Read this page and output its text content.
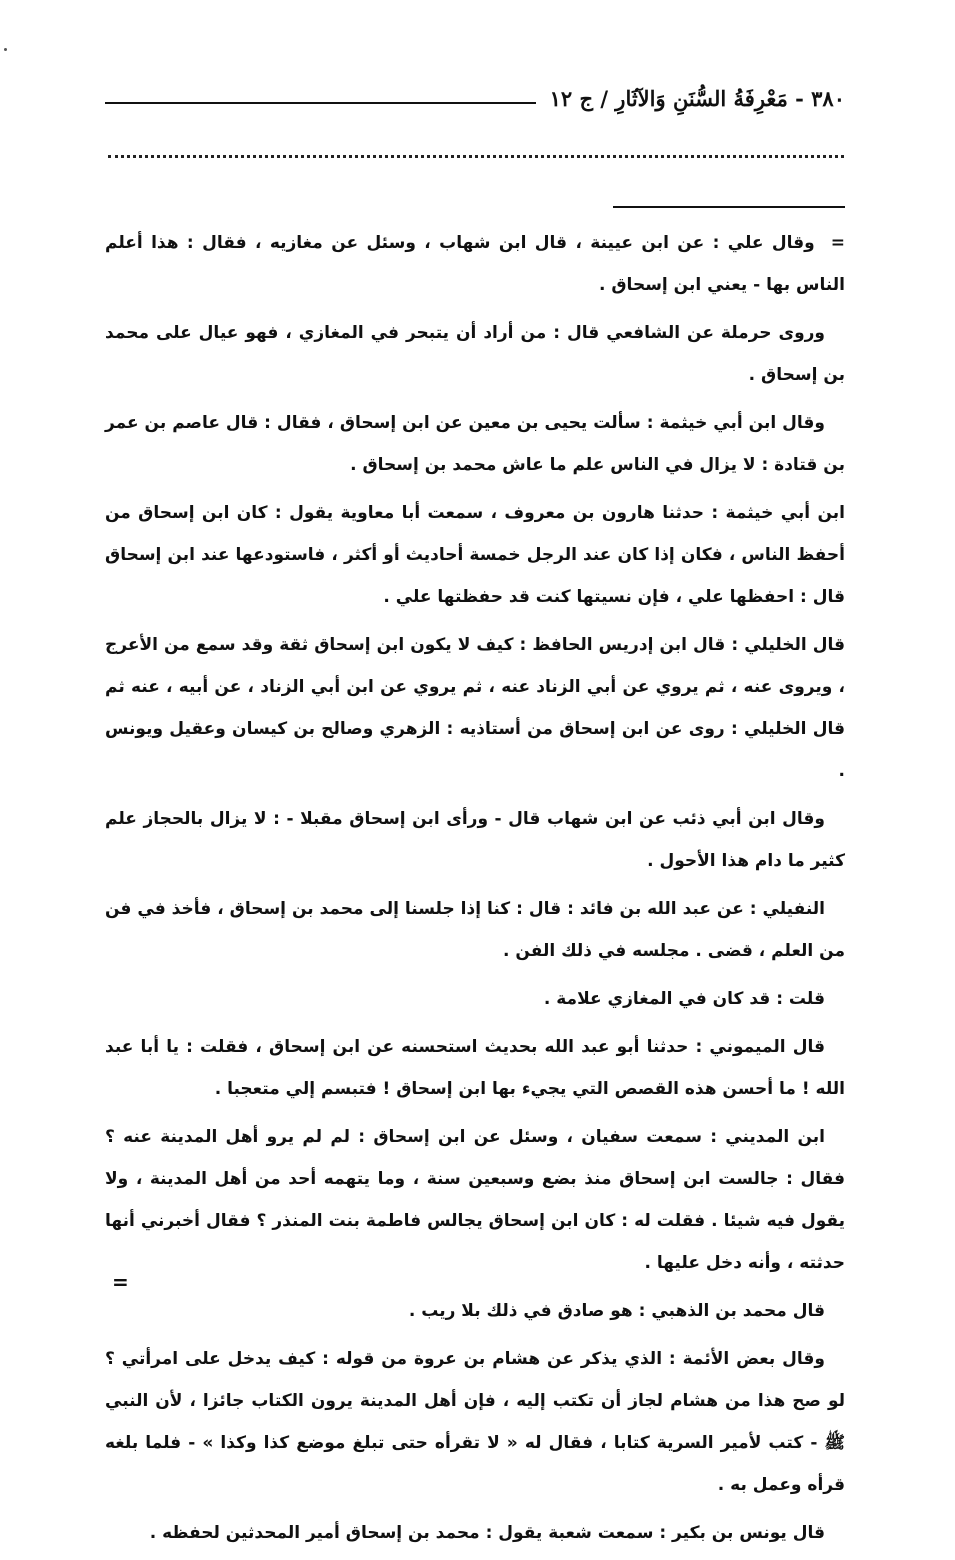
٣٨٠ - مَعْرِفَةُ السُّنَنِ وَالآثَارِ / ج ١٢

=وقال علي : عن ابن عيينة ، قال ابن شهاب ، وسئل عن مغازيه ، فقال : هذا أعلم الناس بها - يعني ابن إسحاق .

وروى حرملة عن الشافعي قال : من أراد أن يتبحر في المغازي ، فهو عيال على محمد بن إسحاق .

وقال ابن أبي خيثمة : سألت يحيى بن معين عن ابن إسحاق ، فقال : قال عاصم بن عمر بن قتادة : لا يزال في الناس علم ما عاش محمد بن إسحاق .

ابن أبي خيثمة : حدثنا هارون بن معروف ، سمعت أبا معاوية يقول : كان ابن إسحاق من أحفظ الناس ، فكان إذا كان عند الرجل خمسة أحاديث أو أكثر ، فاستودعها عند ابن إسحاق قال : احفظها علي ، فإن نسيتها كنت قد حفظتها علي .

قال الخليلي : قال ابن إدريس الحافظ : كيف لا يكون ابن إسحاق ثقة وقد سمع من الأعرج ، ويروى عنه ، ثم يروي عن أبي الزناد عنه ، ثم يروي عن ابن أبي الزناد ، عن أبيه ، عنه ثم قال الخليلي : روى عن ابن إسحاق من أستاذيه : الزهري وصالح بن كيسان وعقيل ويونس .

وقال ابن أبي ذئب عن ابن شهاب قال - ورأى ابن إسحاق مقبلا - : لا يزال بالحجاز علم كثير ما دام هذا الأحول .

النفيلي : عن عبد الله بن فائد : قال : كنا إذا جلسنا إلى محمد بن إسحاق ، فأخذ في فن من العلم ، قضى . مجلسه في ذلك الفن .

قلت : قد كان في المغازي علامة .

قال الميموني : حدثنا أبو عبد الله بحديث استحسنه عن ابن إسحاق ، فقلت : يا أبا عبد الله ! ما أحسن هذه القصص التي يجيء بها ابن إسحاق ! فتبسم إلي متعجبا .

ابن المديني : سمعت سفيان ، وسئل عن ابن إسحاق : لم لم يرو أهل المدينة عنه ؟ فقال : جالست ابن إسحاق منذ بضع وسبعين سنة ، وما يتهمه أحد من أهل المدينة ، ولا يقول فيه شيئا . فقلت له : كان ابن إسحاق يجالس فاطمة بنت المنذر ؟ فقال أخبرني أنها حدثته ، وأنه دخل عليها .

قال محمد بن الذهبي : هو صادق في ذلك بلا ريب .

وقال بعض الأئمة : الذي يذكر عن هشام بن عروة من قوله : كيف يدخل على امرأتي ؟ لو صح هذا من هشام لجاز أن تكتب إليه ، فإن أهل المدينة يرون الكتاب جائزا ، لأن النبي ﷺ - كتب لأمير السرية كتابا ، فقال له « لا تقرأه حتى تبلغ موضع كذا وكذا » - فلما بلغه قرأه وعمل به .

قال يونس بن بكير : سمعت شعبة يقول : محمد بن إسحاق أمير المحدثين لحفظه .

=
